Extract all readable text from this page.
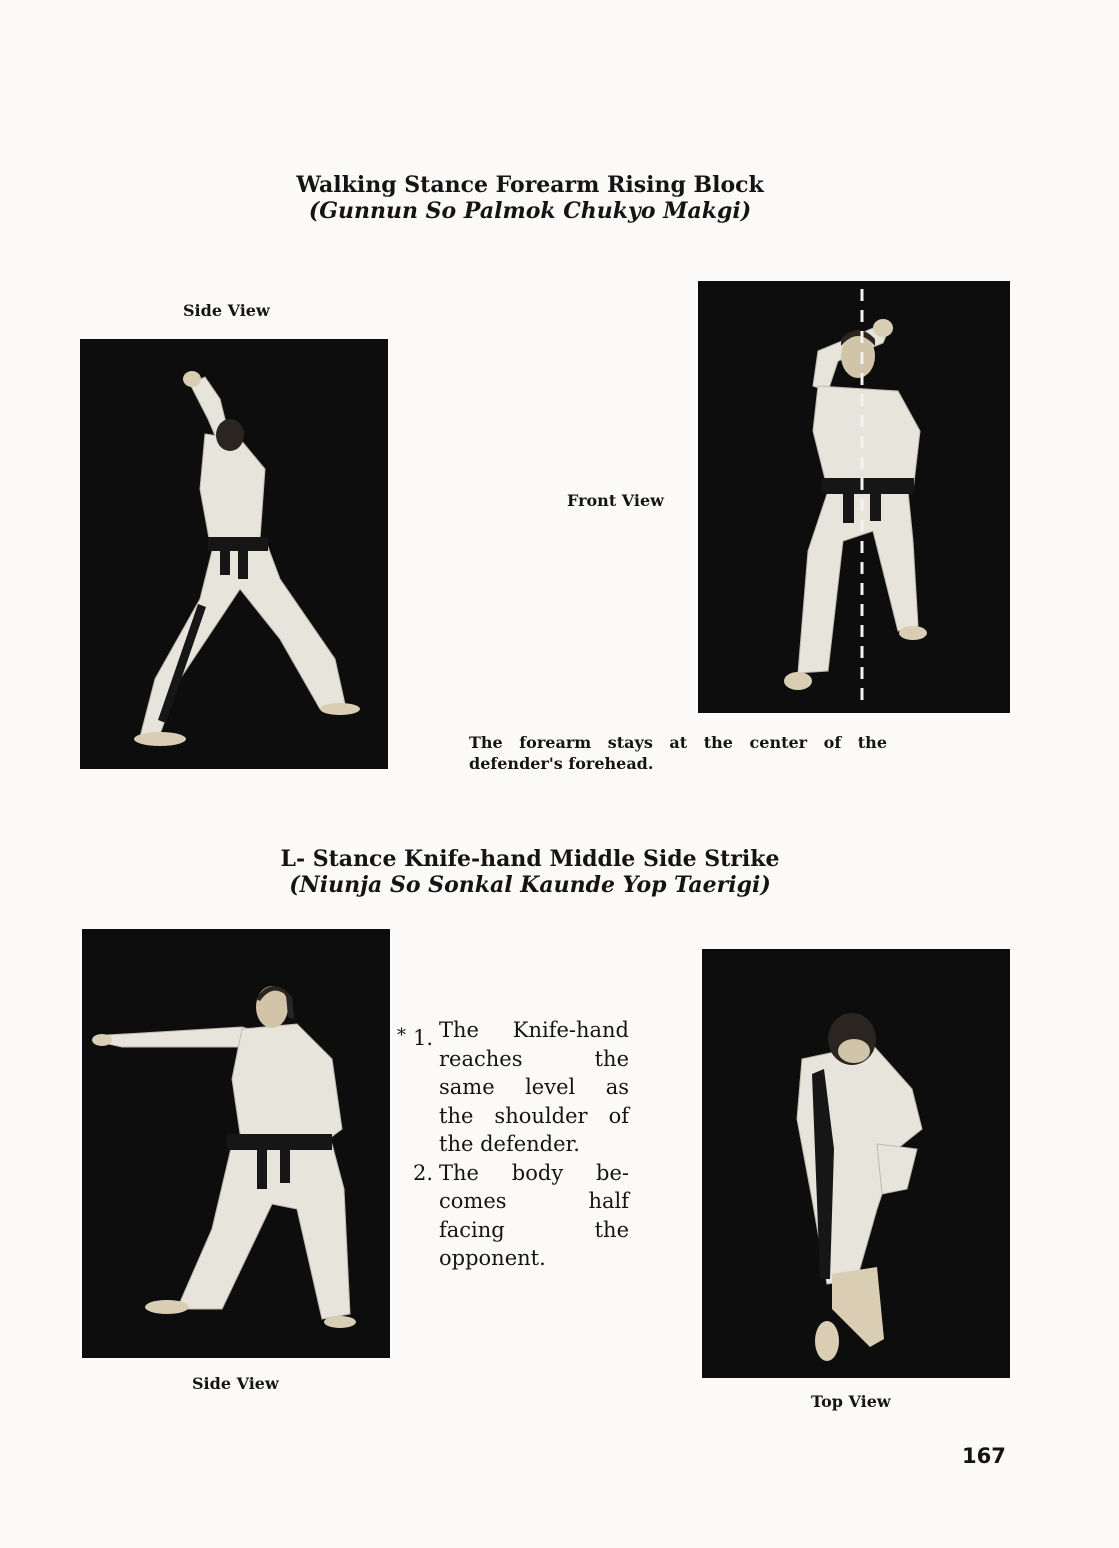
Walking Stance Forearm Rising Block
(Gunnun So Palmok Chukyo Makgi)
Side View
Front View
The forearm stays at the center of the defender's forehead.
L- Stance Knife-hand Middle Side Strike
(Niunja So Sonkal Kaunde Yop Taerigi)
* 1. The Knife-hand
reaches the
same level as
the shoulder of
the defender.
2. The body be-
comes half
facing the
opponent.
Side View
Top View
167
